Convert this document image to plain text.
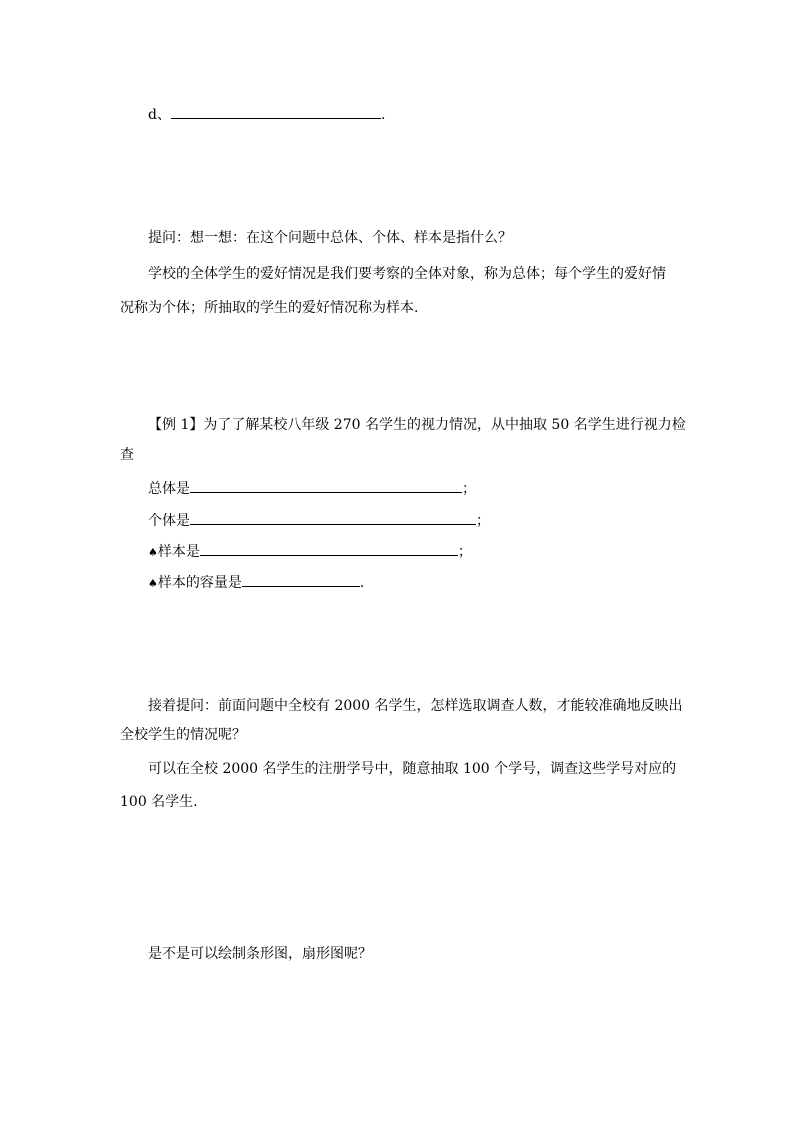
d、	.
提问：想一想：在这个问题中总体、个体、样本是指什么？
学校的全体学生的爱好情况是我们要考察的全体对象，称为总体；每个学生的爱好情
况称为个体；所抽取的学生的爱好情况称为样本.
【例 1】为了了解某校八年级 270 名学生的视力情况，从中抽取 50 名学生进行视力检
查
总体是	；
个体是	；
♠样本是	；
♠样本的容量是	.
接着提问：前面问题中全校有 2000 名学生，怎样选取调查人数，才能较准确地反映出
全校学生的情况呢？
可以在全校 2000 名学生的注册学号中，随意抽取 100 个学号，调查这些学号对应的
100 名学生.
是不是可以绘制条形图，扇形图呢？
